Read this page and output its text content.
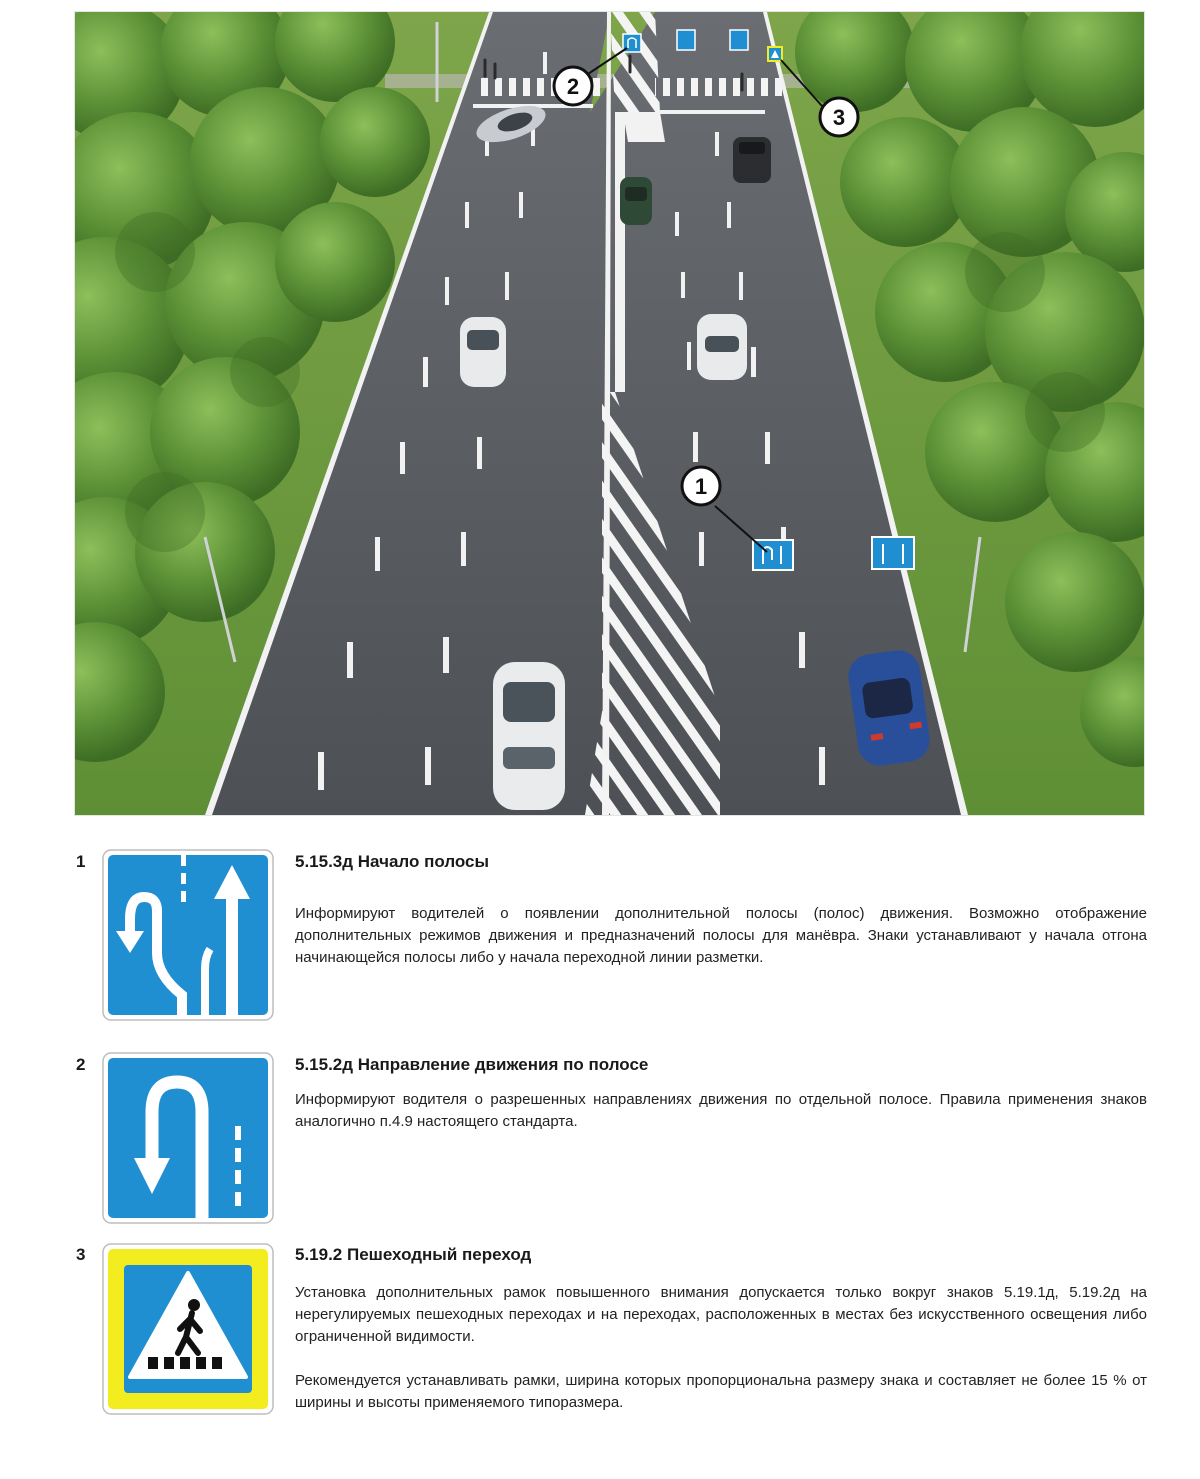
1
2
3
1	5.15.3д Начало полосы

Информируют водителей о появлении дополнительной полосы (полос) движения. Возможно отображение дополнительных режимов движения и предназначений полосы для манёвра. Знаки устанавливают у начала отгона начинающейся полосы либо у начала переходной линии разметки.

2	5.15.2д Направление движения по полосе

Информируют водителя о разрешенных направлениях движения по отдельной полосе. Правила применения знаков аналогично п.4.9 настоящего стандарта.

3	5.19.2 Пешеходный переход

Установка дополнительных рамок повышенного внимания допускается только вокруг знаков 5.19.1д, 5.19.2д на нерегулируемых пешеходных переходах и на переходах, расположенных в местах без искусственного освещения либо ограниченной видимости.

Рекомендуется устанавливать рамки, ширина которых пропорциональна размеру знака и составляет не более 15 % от ширины и высоты применяемого типоразмера.
